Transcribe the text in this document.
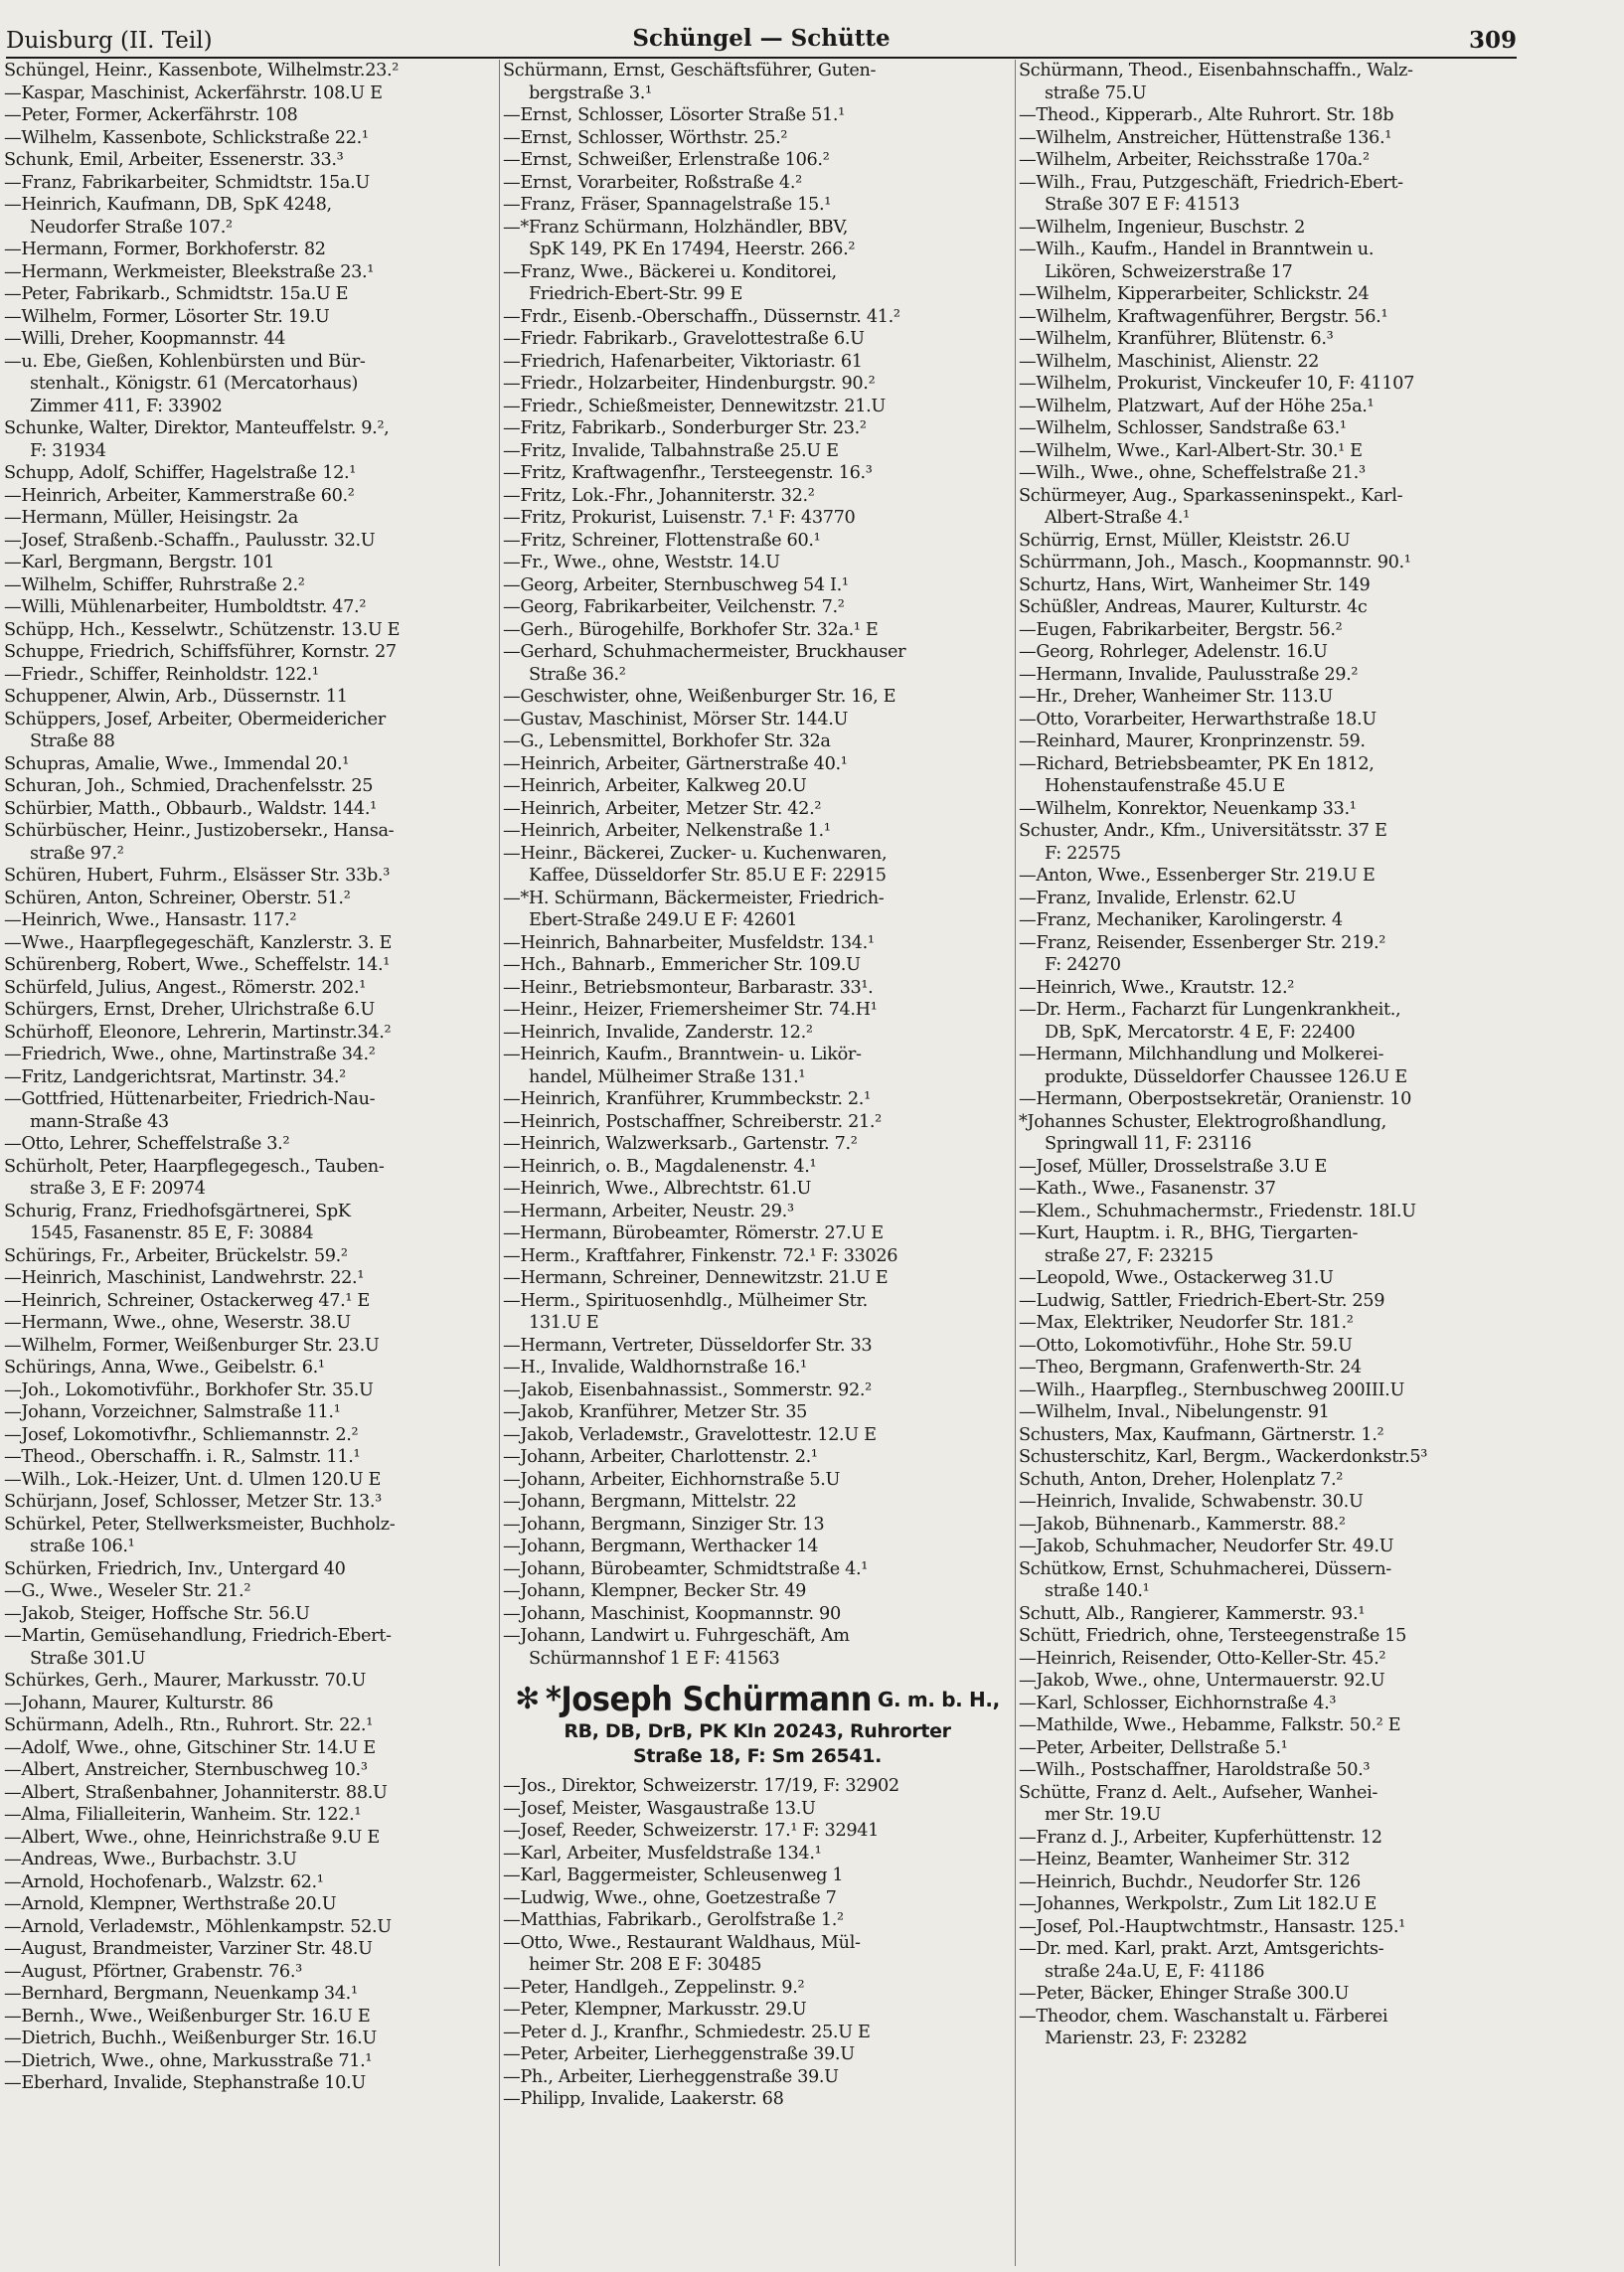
Duisburg (II. Teil)	Schüngel — Schütte	309
Schüngel, Heinr., Kassenbote, Wilhelmstr.23.²
—Kaspar, Maschinist, Ackerfährstr. 108.U E
—Peter, Former, Ackerfährstr. 108
—Wilhelm, Kassenbote, Schlickstraße 22.¹
Schunk, Emil, Arbeiter, Essenerstr. 33.³
—Franz, Fabrikarbeiter, Schmidtstr. 15a.U
—Heinrich, Kaufmann, DB, SpK 4248,
Neudorfer Straße 107.²
—Hermann, Former, Borkhoferstr. 82
—Hermann, Werkmeister, Bleekstraße 23.¹
—Peter, Fabrikarb., Schmidtstr. 15a.U E
—Wilhelm, Former, Lösorter Str. 19.U
—Willi, Dreher, Koopmannstr. 44
—u. Ebe, Gießen, Kohlenbürsten und Bür-
stenhalt., Königstr. 61 (Mercatorhaus)
Zimmer 411, F: 33902
Schunke, Walter, Direktor, Manteuffelstr. 9.²,
F: 31934
Schupp, Adolf, Schiffer, Hagelstraße 12.¹
—Heinrich, Arbeiter, Kammerstraße 60.²
—Hermann, Müller, Heisingstr. 2a
—Josef, Straßenb.-Schaffn., Paulusstr. 32.U
—Karl, Bergmann, Bergstr. 101
—Wilhelm, Schiffer, Ruhrstraße 2.²
—Willi, Mühlenarbeiter, Humboldtstr. 47.²
Schüpp, Hch., Kesselwtr., Schützenstr. 13.U E
Schuppe, Friedrich, Schiffsführer, Kornstr. 27
—Friedr., Schiffer, Reinholdstr. 122.¹
Schuppener, Alwin, Arb., Düssernstr. 11
Schüppers, Josef, Arbeiter, Obermeidericher
Straße 88
Schupras, Amalie, Wwe., Immendal 20.¹
Schuran, Joh., Schmied, Drachenfelsstr. 25
Schürbier, Matth., Obbaurb., Waldstr. 144.¹
Schürbüscher, Heinr., Justizobersekr., Hansa-
straße 97.²
Schüren, Hubert, Fuhrm., Elsässer Str. 33b.³
Schüren, Anton, Schreiner, Oberstr. 51.²
—Heinrich, Wwe., Hansastr. 117.²
—Wwe., Haarpflegegeschäft, Kanzlerstr. 3. E
Schürenberg, Robert, Wwe., Scheffelstr. 14.¹
Schürfeld, Julius, Angest., Römerstr. 202.¹
Schürgers, Ernst, Dreher, Ulrichstraße 6.U
Schürhoff, Eleonore, Lehrerin, Martinstr.34.²
—Friedrich, Wwe., ohne, Martinstraße 34.²
—Fritz, Landgerichtsrat, Martinstr. 34.²
—Gottfried, Hüttenarbeiter, Friedrich-Nau-
mann-Straße 43
—Otto, Lehrer, Scheffelstraße 3.²
Schürholt, Peter, Haarpflegegesch., Tauben-
straße 3, E F: 20974
Schurig, Franz, Friedhofsgärtnerei, SpK
1545, Fasanenstr. 85 E, F: 30884
Schürings, Fr., Arbeiter, Brückelstr. 59.²
—Heinrich, Maschinist, Landwehrstr. 22.¹
—Heinrich, Schreiner, Ostackerweg 47.¹ E
—Hermann, Wwe., ohne, Weserstr. 38.U
—Wilhelm, Former, Weißenburger Str. 23.U
Schürings, Anna, Wwe., Geibelstr. 6.¹
—Joh., Lokomotivführ., Borkhofer Str. 35.U
—Johann, Vorzeichner, Salmstraße 11.¹
—Josef, Lokomotivfhr., Schliemannstr. 2.²
—Theod., Oberschaffn. i. R., Salmstr. 11.¹
—Wilh., Lok.-Heizer, Unt. d. Ulmen 120.U E
Schürjann, Josef, Schlosser, Metzer Str. 13.³
Schürkel, Peter, Stellwerksmeister, Buchholz-
straße 106.¹
Schürken, Friedrich, Inv., Untergard 40
—G., Wwe., Weseler Str. 21.²
—Jakob, Steiger, Hoffsche Str. 56.U
—Martin, Gemüsehandlung, Friedrich-Ebert-
Straße 301.U
Schürkes, Gerh., Maurer, Markusstr. 70.U
—Johann, Maurer, Kulturstr. 86
Schürmann, Adelh., Rtn., Ruhrort. Str. 22.¹
—Adolf, Wwe., ohne, Gitschiner Str. 14.U E
—Albert, Anstreicher, Sternbuschweg 10.³
—Albert, Straßenbahner, Johanniterstr. 88.U
—Alma, Filialleiterin, Wanheim. Str. 122.¹
—Albert, Wwe., ohne, Heinrichstraße 9.U E
—Andreas, Wwe., Burbachstr. 3.U
—Arnold, Hochofenarb., Walzstr. 62.¹
—Arnold, Klempner, Werthstraße 20.U
—Arnold, Verladeмstr., Möhlenkampstr. 52.U
—August, Brandmeister, Varziner Str. 48.U
—August, Pförtner, Grabenstr. 76.³
—Bernhard, Bergmann, Neuenkamp 34.¹
—Bernh., Wwe., Weißenburger Str. 16.U E
—Dietrich, Buchh., Weißenburger Str. 16.U
—Dietrich, Wwe., ohne, Markusstraße 71.¹
—Eberhard, Invalide, Stephanstraße 10.U
Schürmann, Ernst, Geschäftsführer, Guten-
bergstraße 3.¹
—Ernst, Schlosser, Lösorter Straße 51.¹
—Ernst, Schlosser, Wörthstr. 25.²
—Ernst, Schweißer, Erlenstraße 106.²
—Ernst, Vorarbeiter, Roßstraße 4.²
—Franz, Fräser, Spannagelstraße 15.¹
—*Franz Schürmann, Holzhändler, BBV,
SpK 149, PK En 17494, Heerstr. 266.²
—Franz, Wwe., Bäckerei u. Konditorei,
Friedrich-Ebert-Str. 99 E
—Frdr., Eisenb.-Oberschaffn., Düssernstr. 41.²
—Friedr. Fabrikarb., Gravelottestraße 6.U
—Friedrich, Hafenarbeiter, Viktoriastr. 61
—Friedr., Holzarbeiter, Hindenburgstr. 90.²
—Friedr., Schießmeister, Dennewitzstr. 21.U
—Fritz, Fabrikarb., Sonderburger Str. 23.²
—Fritz, Invalide, Talbahnstraße 25.U E
—Fritz, Kraftwagenfhr., Tersteegenstr. 16.³
—Fritz, Lok.-Fhr., Johanniterstr. 32.²
—Fritz, Prokurist, Luisenstr. 7.¹ F: 43770
—Fritz, Schreiner, Flottenstraße 60.¹
—Fr., Wwe., ohne, Weststr. 14.U
—Georg, Arbeiter, Sternbuschweg 54 I.¹
—Georg, Fabrikarbeiter, Veilchenstr. 7.²
—Gerh., Bürogehilfe, Borkhofer Str. 32a.¹ E
—Gerhard, Schuhmachermeister, Bruckhauser
Straße 36.²
—Geschwister, ohne, Weißenburger Str. 16, E
—Gustav, Maschinist, Mörser Str. 144.U
—G., Lebensmittel, Borkhofer Str. 32a
—Heinrich, Arbeiter, Gärtnerstraße 40.¹
—Heinrich, Arbeiter, Kalkweg 20.U
—Heinrich, Arbeiter, Metzer Str. 42.²
—Heinrich, Arbeiter, Nelkenstraße 1.¹
—Heinr., Bäckerei, Zucker- u. Kuchenwaren,
Kaffee, Düsseldorfer Str. 85.U E F: 22915
—*H. Schürmann, Bäckermeister, Friedrich-
Ebert-Straße 249.U E F: 42601
—Heinrich, Bahnarbeiter, Musfeldstr. 134.¹
—Hch., Bahnarb., Emmericher Str. 109.U
—Heinr., Betriebsmonteur, Barbarastr. 33¹.
—Heinr., Heizer, Friemersheimer Str. 74.H¹
—Heinrich, Invalide, Zanderstr. 12.²
—Heinrich, Kaufm., Branntwein- u. Likör-
handel, Mülheimer Straße 131.¹
—Heinrich, Kranführer, Krummbeckstr. 2.¹
—Heinrich, Postschaffner, Schreiberstr. 21.²
—Heinrich, Walzwerksarb., Gartenstr. 7.²
—Heinrich, o. B., Magdalenenstr. 4.¹
—Heinrich, Wwe., Albrechtstr. 61.U
—Hermann, Arbeiter, Neustr. 29.³
—Hermann, Bürobeamter, Römerstr. 27.U E
—Herm., Kraftfahrer, Finkenstr. 72.¹ F: 33026
—Hermann, Schreiner, Dennewitzstr. 21.U E
—Herm., Spirituosenhdlg., Mülheimer Str.
131.U E
—Hermann, Vertreter, Düsseldorfer Str. 33
—H., Invalide, Waldhornstraße 16.¹
—Jakob, Eisenbahnassist., Sommerstr. 92.²
—Jakob, Kranführer, Metzer Str. 35
—Jakob, Verladeмstr., Gravelottestr. 12.U E
—Johann, Arbeiter, Charlottenstr. 2.¹
—Johann, Arbeiter, Eichhornstraße 5.U
—Johann, Bergmann, Mittelstr. 22
—Johann, Bergmann, Sinziger Str. 13
—Johann, Bergmann, Werthacker 14
—Johann, Bürobeamter, Schmidtstraße 4.¹
—Johann, Klempner, Becker Str. 49
—Johann, Maschinist, Koopmannstr. 90
—Johann, Landwirt u. Fuhrgeschäft, Am
Schürmannshof 1 E F: 41563
✻ *Joseph Schürmann G. m. b. H.,
RB, DB, DrB, PK Kln 20243, Ruhrorter
Straße 18, F: Sm 26541.
—Jos., Direktor, Schweizerstr. 17/19, F: 32902
—Josef, Meister, Wasgaustraße 13.U
—Josef, Reeder, Schweizerstr. 17.¹ F: 32941
—Karl, Arbeiter, Musfeldstraße 134.¹
—Karl, Baggermeister, Schleusenweg 1
—Ludwig, Wwe., ohne, Goetzestraße 7
—Matthias, Fabrikarb., Gerolfstraße 1.²
—Otto, Wwe., Restaurant Waldhaus, Mül-
heimer Str. 208 E F: 30485
—Peter, Handlgeh., Zeppelinstr. 9.²
—Peter, Klempner, Markusstr. 29.U
—Peter d. J., Kranfhr., Schmiedestr. 25.U E
—Peter, Arbeiter, Lierheggenstraße 39.U
—Ph., Arbeiter, Lierheggenstraße 39.U
—Philipp, Invalide, Laakerstr. 68
Schürmann, Theod., Eisenbahnschaffn., Walz-
straße 75.U
—Theod., Kipperarb., Alte Ruhrort. Str. 18b
—Wilhelm, Anstreicher, Hüttenstraße 136.¹
—Wilhelm, Arbeiter, Reichsstraße 170a.²
—Wilh., Frau, Putzgeschäft, Friedrich-Ebert-
Straße 307 E F: 41513
—Wilhelm, Ingenieur, Buschstr. 2
—Wilh., Kaufm., Handel in Branntwein u.
Likören, Schweizerstraße 17
—Wilhelm, Kipperarbeiter, Schlickstr. 24
—Wilhelm, Kraftwagenführer, Bergstr. 56.¹
—Wilhelm, Kranführer, Blütenstr. 6.³
—Wilhelm, Maschinist, Alienstr. 22
—Wilhelm, Prokurist, Vinckeufer 10, F: 41107
—Wilhelm, Platzwart, Auf der Höhe 25a.¹
—Wilhelm, Schlosser, Sandstraße 63.¹
—Wilhelm, Wwe., Karl-Albert-Str. 30.¹ E
—Wilh., Wwe., ohne, Scheffelstraße 21.³
Schürmeyer, Aug., Sparkasseninspekt., Karl-
Albert-Straße 4.¹
Schürrig, Ernst, Müller, Kleiststr. 26.U
Schürrmann, Joh., Masch., Koopmannstr. 90.¹
Schurtz, Hans, Wirt, Wanheimer Str. 149
Schüßler, Andreas, Maurer, Kulturstr. 4c
—Eugen, Fabrikarbeiter, Bergstr. 56.²
—Georg, Rohrleger, Adelenstr. 16.U
—Hermann, Invalide, Paulusstraße 29.²
—Hr., Dreher, Wanheimer Str. 113.U
—Otto, Vorarbeiter, Herwarthstraße 18.U
—Reinhard, Maurer, Kronprinzenstr. 59.
—Richard, Betriebsbeamter, PK En 1812,
Hohenstaufenstraße 45.U E
—Wilhelm, Konrektor, Neuenkamp 33.¹
Schuster, Andr., Kfm., Universitätsstr. 37 E
F: 22575
—Anton, Wwe., Essenberger Str. 219.U E
—Franz, Invalide, Erlenstr. 62.U
—Franz, Mechaniker, Karolingerstr. 4
—Franz, Reisender, Essenberger Str. 219.²
F: 24270
—Heinrich, Wwe., Krautstr. 12.²
—Dr. Herm., Facharzt für Lungenkrankheit.,
DB, SpK, Mercatorstr. 4 E, F: 22400
—Hermann, Milchhandlung und Molkerei-
produkte, Düsseldorfer Chaussee 126.U E
—Hermann, Oberpostsekretär, Oranienstr. 10
*Johannes Schuster, Elektrogroßhandlung,
Springwall 11, F: 23116
—Josef, Müller, Drosselstraße 3.U E
—Kath., Wwe., Fasanenstr. 37
—Klem., Schuhmachermstr., Friedenstr. 18I.U
—Kurt, Hauptm. i. R., BHG, Tiergarten-
straße 27, F: 23215
—Leopold, Wwe., Ostackerweg 31.U
—Ludwig, Sattler, Friedrich-Ebert-Str. 259
—Max, Elektriker, Neudorfer Str. 181.²
—Otto, Lokomotivführ., Hohe Str. 59.U
—Theo, Bergmann, Grafenwerth-Str. 24
—Wilh., Haarpfleg., Sternbuschweg 200III.U
—Wilhelm, Inval., Nibelungenstr. 91
Schusters, Max, Kaufmann, Gärtnerstr. 1.²
Schusterschitz, Karl, Bergm., Wackerdonkstr.5³
Schuth, Anton, Dreher, Holenplatz 7.²
—Heinrich, Invalide, Schwabenstr. 30.U
—Jakob, Bühnenarb., Kammerstr. 88.²
—Jakob, Schuhmacher, Neudorfer Str. 49.U
Schütkow, Ernst, Schuhmacherei, Düssern-
straße 140.¹
Schutt, Alb., Rangierer, Kammerstr. 93.¹
Schütt, Friedrich, ohne, Tersteegenstraße 15
—Heinrich, Reisender, Otto-Keller-Str. 45.²
—Jakob, Wwe., ohne, Untermauerstr. 92.U
—Karl, Schlosser, Eichhornstraße 4.³
—Mathilde, Wwe., Hebamme, Falkstr. 50.² E
—Peter, Arbeiter, Dellstraße 5.¹
—Wilh., Postschaffner, Haroldstraße 50.³
Schütte, Franz d. Aelt., Aufseher, Wanhei-
mer Str. 19.U
—Franz d. J., Arbeiter, Kupferhüttenstr. 12
—Heinz, Beamter, Wanheimer Str. 312
—Heinrich, Buchdr., Neudorfer Str. 126
—Johannes, Werkpolstr., Zum Lit 182.U E
—Josef, Pol.-Hauptwchtmstr., Hansastr. 125.¹
—Dr. med. Karl, prakt. Arzt, Amtsgerichts-
straße 24a.U, E, F: 41186
—Peter, Bäcker, Ehinger Straße 300.U
—Theodor, chem. Waschanstalt u. Färberei
Marienstr. 23, F: 23282
